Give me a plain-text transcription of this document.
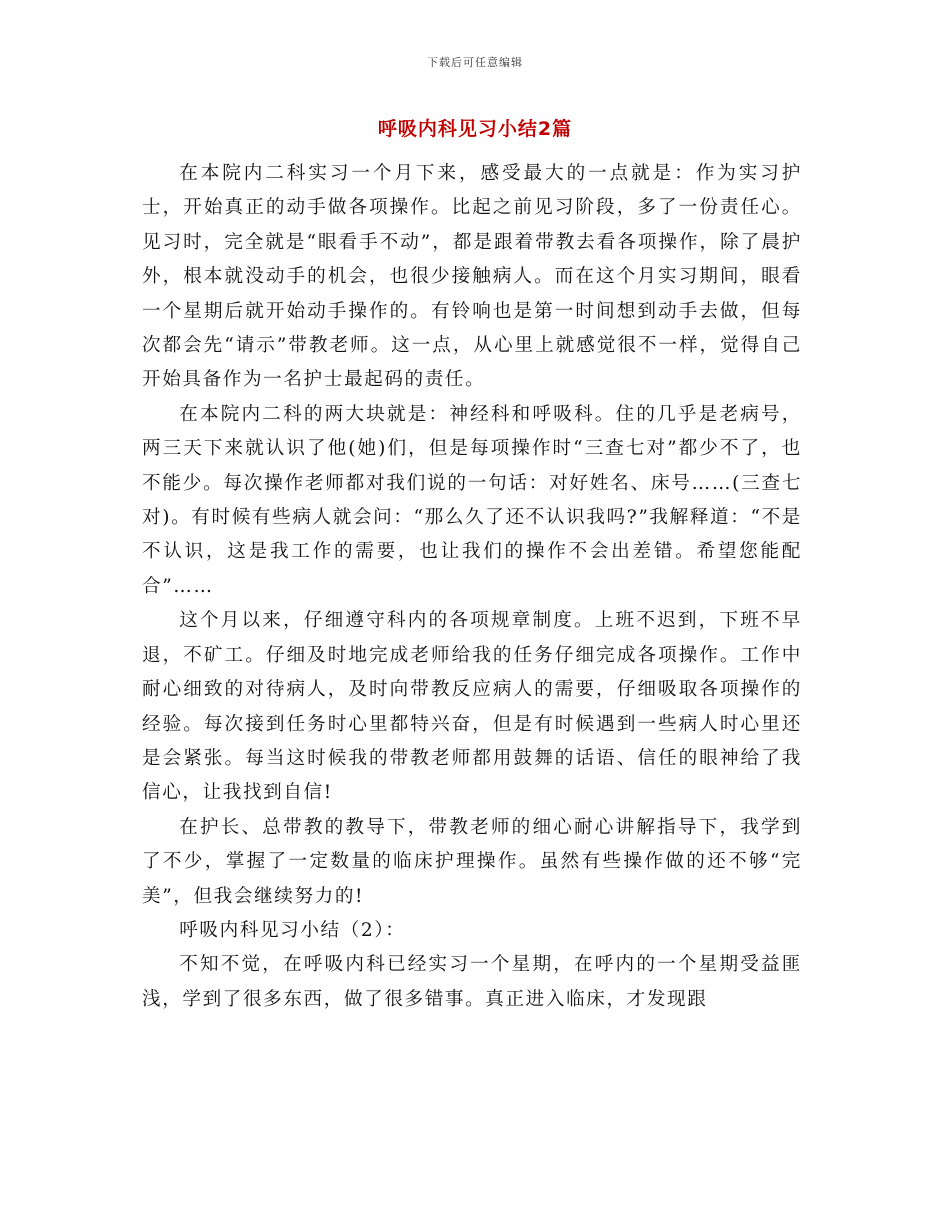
下载后可任意编辑
呼吸内科见习小结2篇

在本院内二科实习一个月下来，感受最大的一点就是：作为实习护士，开始真正的动手做各项操作。比起之前见习阶段，多了一份责任心。见习时，完全就是“眼看手不动”，都是跟着带教去看各项操作，除了晨护外，根本就没动手的机会，也很少接触病人。而在这个月实习期间，眼看一个星期后就开始动手操作的。有铃响也是第一时间想到动手去做，但每次都会先“请示”带教老师。这一点，从心里上就感觉很不一样，觉得自己开始具备作为一名护士最起码的责任。

在本院内二科的两大块就是：神经科和呼吸科。住的几乎是老病号，两三天下来就认识了他(她)们，但是每项操作时“三查七对”都少不了，也不能少。每次操作老师都对我们说的一句话：对好姓名、床号……(三查七对)。有时候有些病人就会问：“那么久了还不认识我吗?”我解释道：“不是不认识，这是我工作的需要，也让我们的操作不会出差错。希望您能配合”……

这个月以来，仔细遵守科内的各项规章制度。上班不迟到，下班不早退，不矿工。仔细及时地完成老师给我的任务仔细完成各项操作。工作中耐心细致的对待病人，及时向带教反应病人的需要，仔细吸取各项操作的经验。每次接到任务时心里都特兴奋，但是有时候遇到一些病人时心里还是会紧张。每当这时候我的带教老师都用鼓舞的话语、信任的眼神给了我信心，让我找到自信!

在护长、总带教的教导下，带教老师的细心耐心讲解指导下，我学到了不少，掌握了一定数量的临床护理操作。虽然有些操作做的还不够“完美”，但我会继续努力的!

呼吸内科见习小结（2）：

不知不觉，在呼吸内科已经实习一个星期，在呼内的一个星期受益匪浅，学到了很多东西，做了很多错事。真正进入临床，才发现跟
